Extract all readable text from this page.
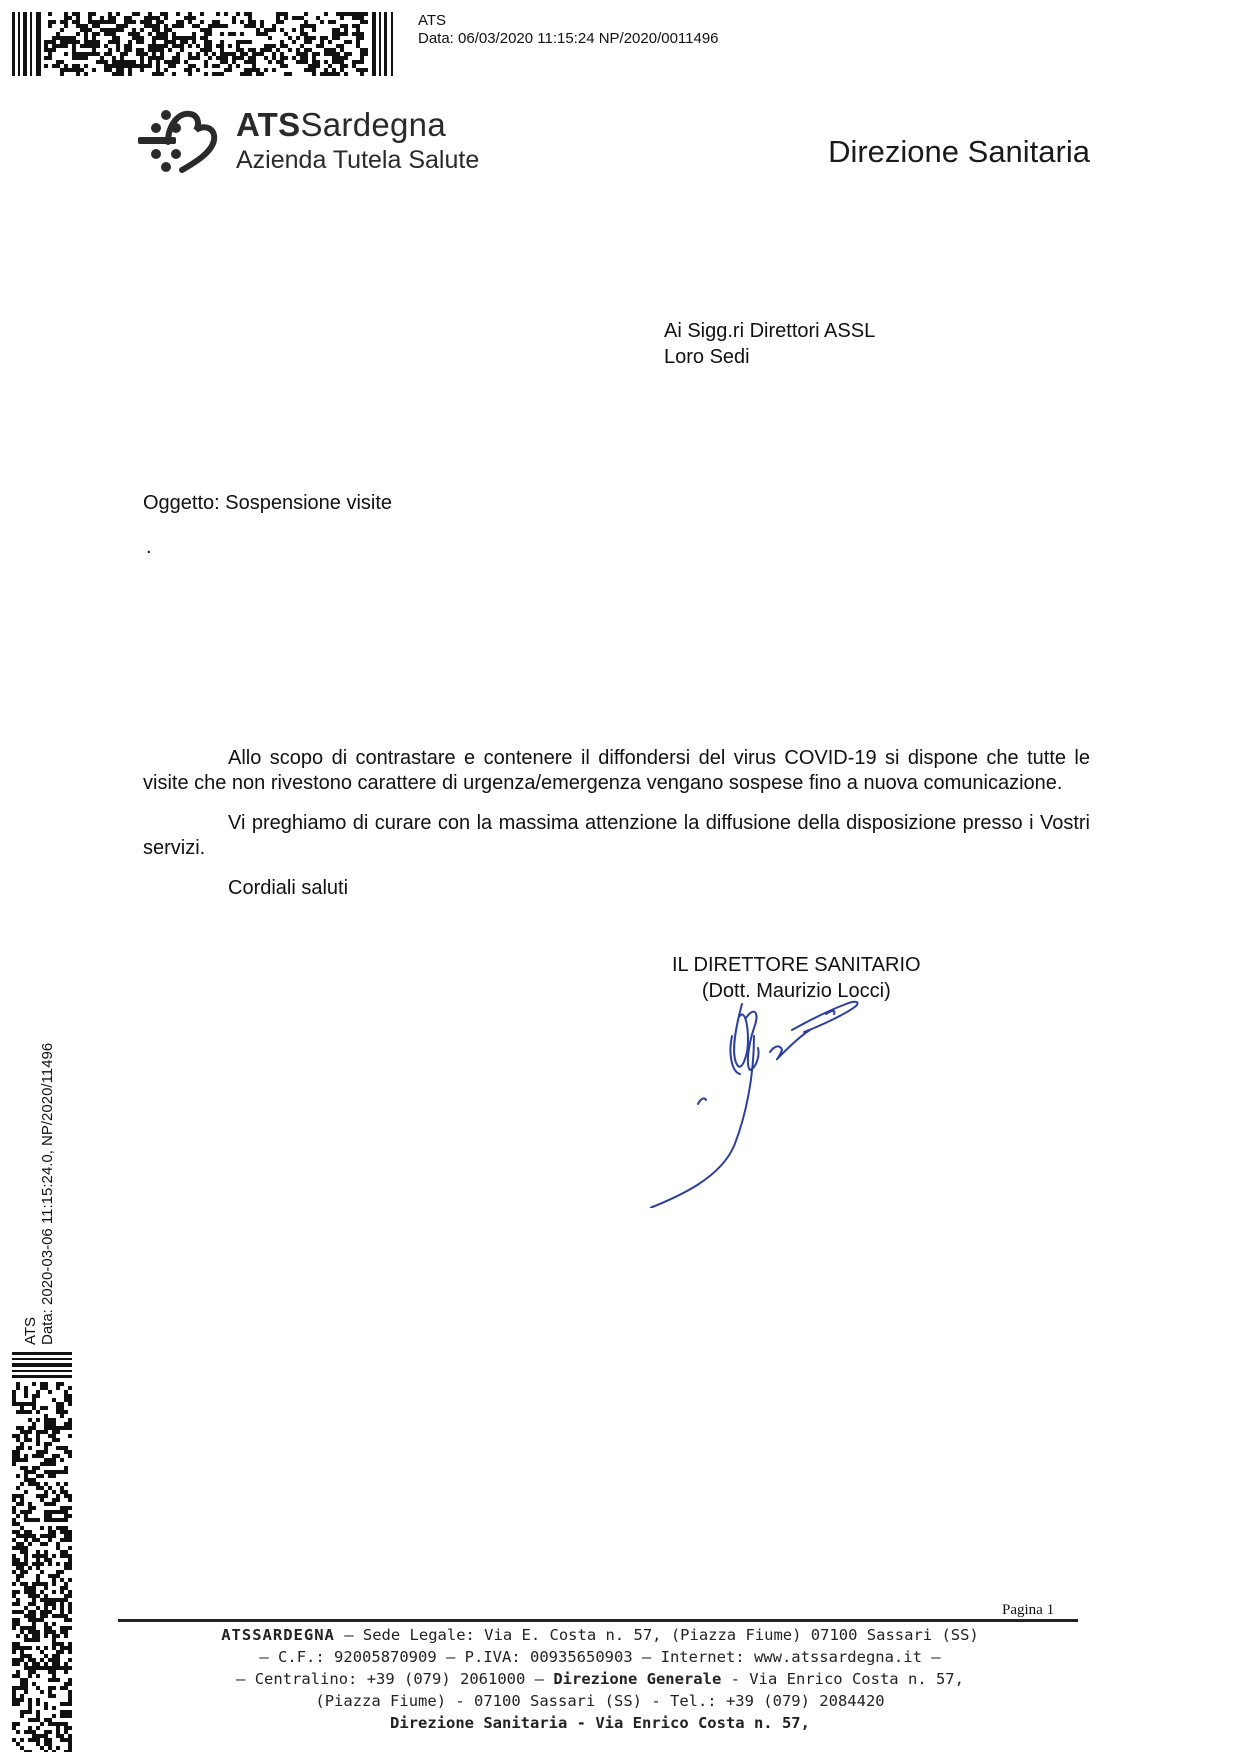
ATS
Data: 06/03/2020 11:15:24 NP/2020/0011496
ATS Data: 2020-03-06 11:15:24.0, NP/2020/11496
ATSSardegna
Azienda Tutela Salute	Direzione Sanitaria
Ai Sigg.ri Direttori ASSL
Loro Sedi
Oggetto: Sospensione visite
.

Allo scopo di contrastare e contenere il diffondersi del virus COVID-19 si dispone che tutte le visite che non rivestono carattere di urgenza/emergenza vengano sospese fino a nuova comunicazione.

Vi preghiamo di curare con la massima attenzione la diffusione della disposizione presso i Vostri servizi.

Cordiali saluti
IL DIRETTORE SANITARIO
(Dott. Maurizio Locci)
Pagina 1
ATSSARDEGNA – Sede Legale: Via E. Costa n. 57, (Piazza Fiume) 07100 Sassari (SS)
– C.F.: 92005870909 – P.IVA: 00935650903 – Internet: www.atssardegna.it –
– Centralino: +39 (079) 2061000 – Direzione Generale - Via Enrico Costa n. 57,
(Piazza Fiume) - 07100 Sassari (SS) - Tel.: +39 (079) 2084420
Direzione Sanitaria - Via Enrico Costa n. 57,
